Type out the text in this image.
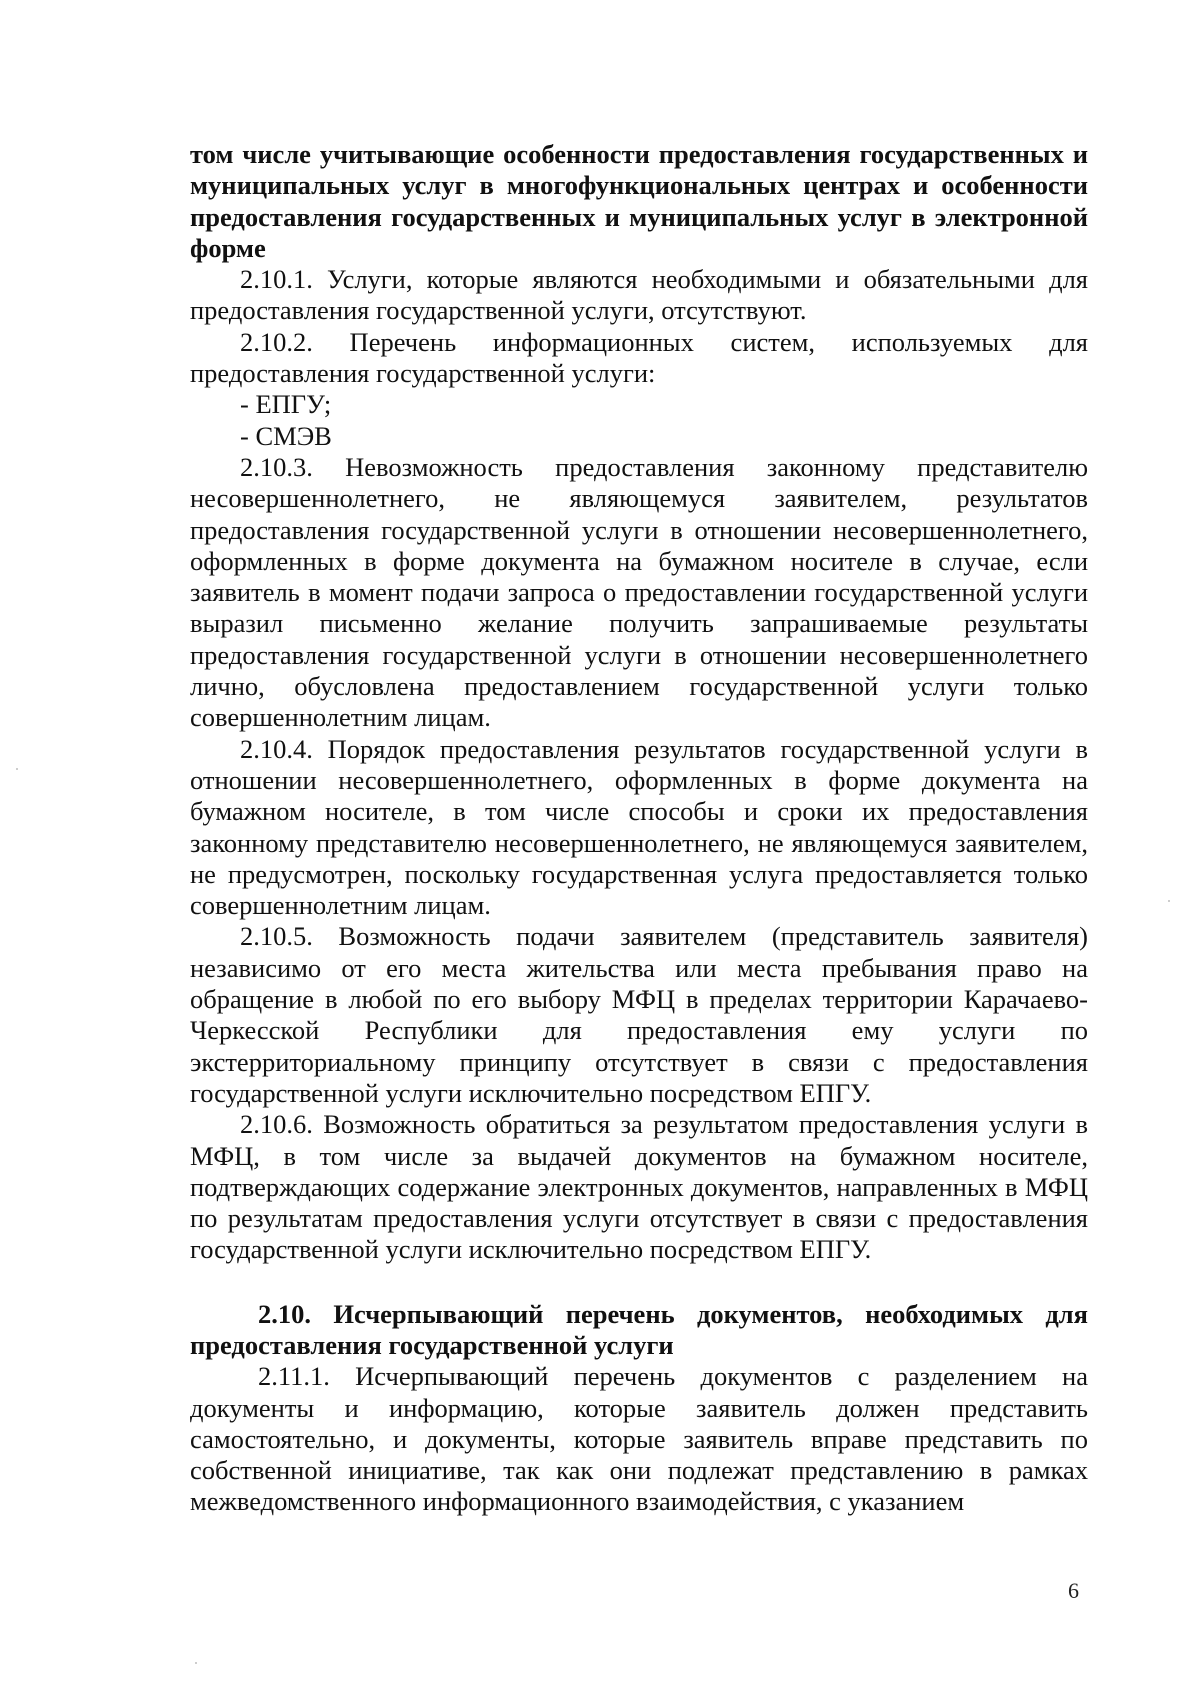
том числе учитывающие особенности предоставления государственных и муниципальных услуг в многофункциональных центрах и особенности предоставления государственных и муниципальных услуг в электронной форме

2.10.1. Услуги, которые являются необходимыми и обязательными для предоставления государственной услуги, отсутствуют.

2.10.2. Перечень информационных систем, используемых для предоставления государственной услуги:

- ЕПГУ;

- СМЭВ

2.10.3. Невозможность предоставления законному представителю несовершеннолетнего, не являющемуся заявителем, результатов предоставления государственной услуги в отношении несовершеннолетнего, оформленных в форме документа на бумажном носителе в случае, если заявитель в момент подачи запроса о предоставлении государственной услуги выразил письменно желание получить запрашиваемые результаты предоставления государственной услуги в отношении несовершеннолетнего лично, обусловлена предоставлением государственной услуги только совершеннолетним лицам.

2.10.4. Порядок предоставления результатов государственной услуги в отношении несовершеннолетнего, оформленных в форме документа на бумажном носителе, в том числе способы и сроки их предоставления законному представителю несовершеннолетнего, не являющемуся заявителем, не предусмотрен, поскольку государственная услуга предоставляется только совершеннолетним лицам.

2.10.5. Возможность подачи заявителем (представитель заявителя) независимо от его места жительства или места пребывания право на обращение в любой по его выбору МФЦ в пределах территории Карачаево-Черкесской Республики для предоставления ему услуги по экстерриториальному принципу отсутствует в связи с предоставления государственной услуги исключительно посредством ЕПГУ.

2.10.6. Возможность обратиться за результатом предоставления услуги в МФЦ, в том числе за выдачей документов на бумажном носителе, подтверждающих содержание электронных документов, направленных в МФЦ по результатам предоставления услуги отсутствует в связи с предоставления государственной услуги исключительно посредством ЕПГУ.

2.10. Исчерпывающий перечень документов, необходимых для предоставления государственной услуги

2.11.1. Исчерпывающий перечень документов с разделением на документы и информацию, которые заявитель должен представить самостоятельно, и документы, которые заявитель вправе представить по собственной инициативе, так как они подлежат представлению в рамках межведомственного информационного взаимодействия, с указанием

6
